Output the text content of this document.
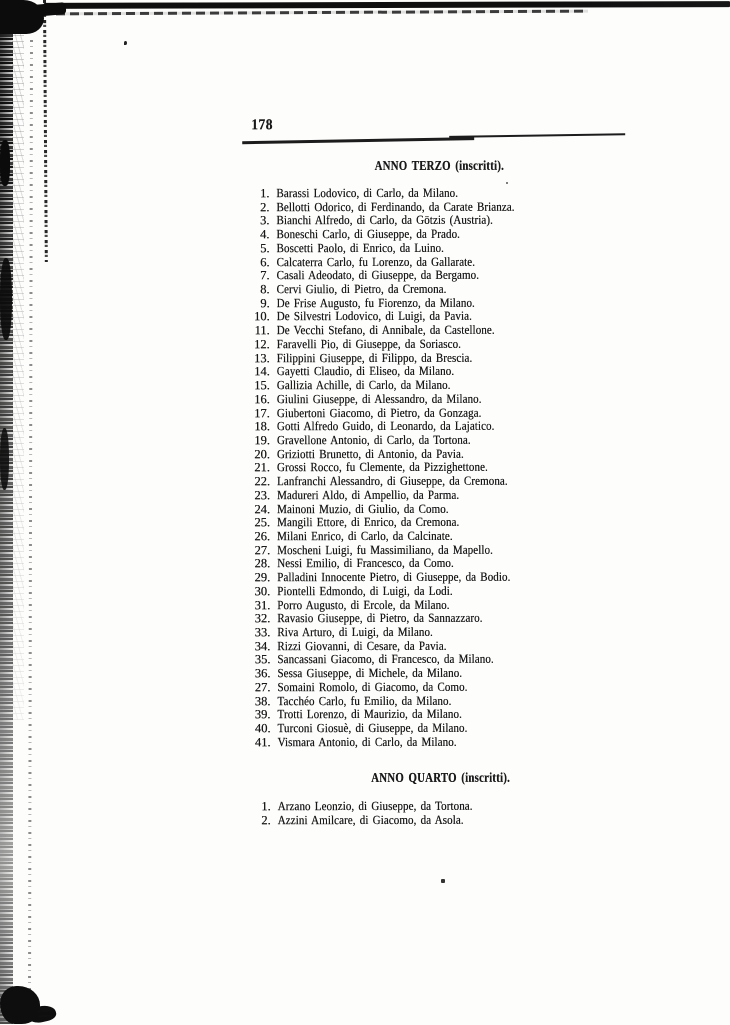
178
ANNO TERZO (inscritti).
1. Barassi Lodovico, di Carlo, da Milano.
2. Bellotti Odorico, di Ferdinando, da Carate Brianza.
3. Bianchi Alfredo, di Carlo, da Götzis (Austria).
4. Boneschi Carlo, di Giuseppe, da Prado.
5. Boscetti Paolo, di Enrico, da Luino.
6. Calcaterra Carlo, fu Lorenzo, da Gallarate.
7. Casali Adeodato, di Giuseppe, da Bergamo.
8. Cervi Giulio, di Pietro, da Cremona.
9. De Frise Augusto, fu Fiorenzo, da Milano.
10. De Silvestri Lodovico, di Luigi, da Pavia.
11. De Vecchi Stefano, di Annibale, da Castellone.
12. Faravelli Pio, di Giuseppe, da Soriasco.
13. Filippini Giuseppe, di Filippo, da Brescia.
14. Gayetti Claudio, di Eliseo, da Milano.
15. Gallizia Achille, di Carlo, da Milano.
16. Giulini Giuseppe, di Alessandro, da Milano.
17. Giubertoni Giacomo, di Pietro, da Gonzaga.
18. Gotti Alfredo Guido, di Leonardo, da Lajatico.
19. Gravellone Antonio, di Carlo, da Tortona.
20. Griziotti Brunetto, di Antonio, da Pavia.
21. Grossi Rocco, fu Clemente, da Pizzighettone.
22. Lanfranchi Alessandro, di Giuseppe, da Cremona.
23. Madureri Aldo, di Ampellio, da Parma.
24. Mainoni Muzio, di Giulio, da Como.
25. Mangili Ettore, di Enrico, da Cremona.
26. Milani Enrico, di Carlo, da Calcinate.
27. Moscheni Luigi, fu Massimiliano, da Mapello.
28. Nessi Emilio, di Francesco, da Como.
29. Palladini Innocente Pietro, di Giuseppe, da Bodio.
30. Piontelli Edmondo, di Luigi, da Lodi.
31. Porro Augusto, di Ercole, da Milano.
32. Ravasio Giuseppe, di Pietro, da Sannazzaro.
33. Riva Arturo, di Luigi, da Milano.
34. Rizzi Giovanni, di Cesare, da Pavia.
35. Sancassani Giacomo, di Francesco, da Milano.
36. Sessa Giuseppe, di Michele, da Milano.
27. Somaini Romolo, di Giacomo, da Como.
38. Tacchéo Carlo, fu Emilio, da Milano.
39. Trotti Lorenzo, di Maurizio, da Milano.
40. Turconi Giosuè, di Giuseppe, da Milano.
41. Vismara Antonio, di Carlo, da Milano.
ANNO QUARTO (inscritti).
1. Arzano Leonzio, di Giuseppe, da Tortona.
2. Azzini Amilcare, di Giacomo, da Asola.
